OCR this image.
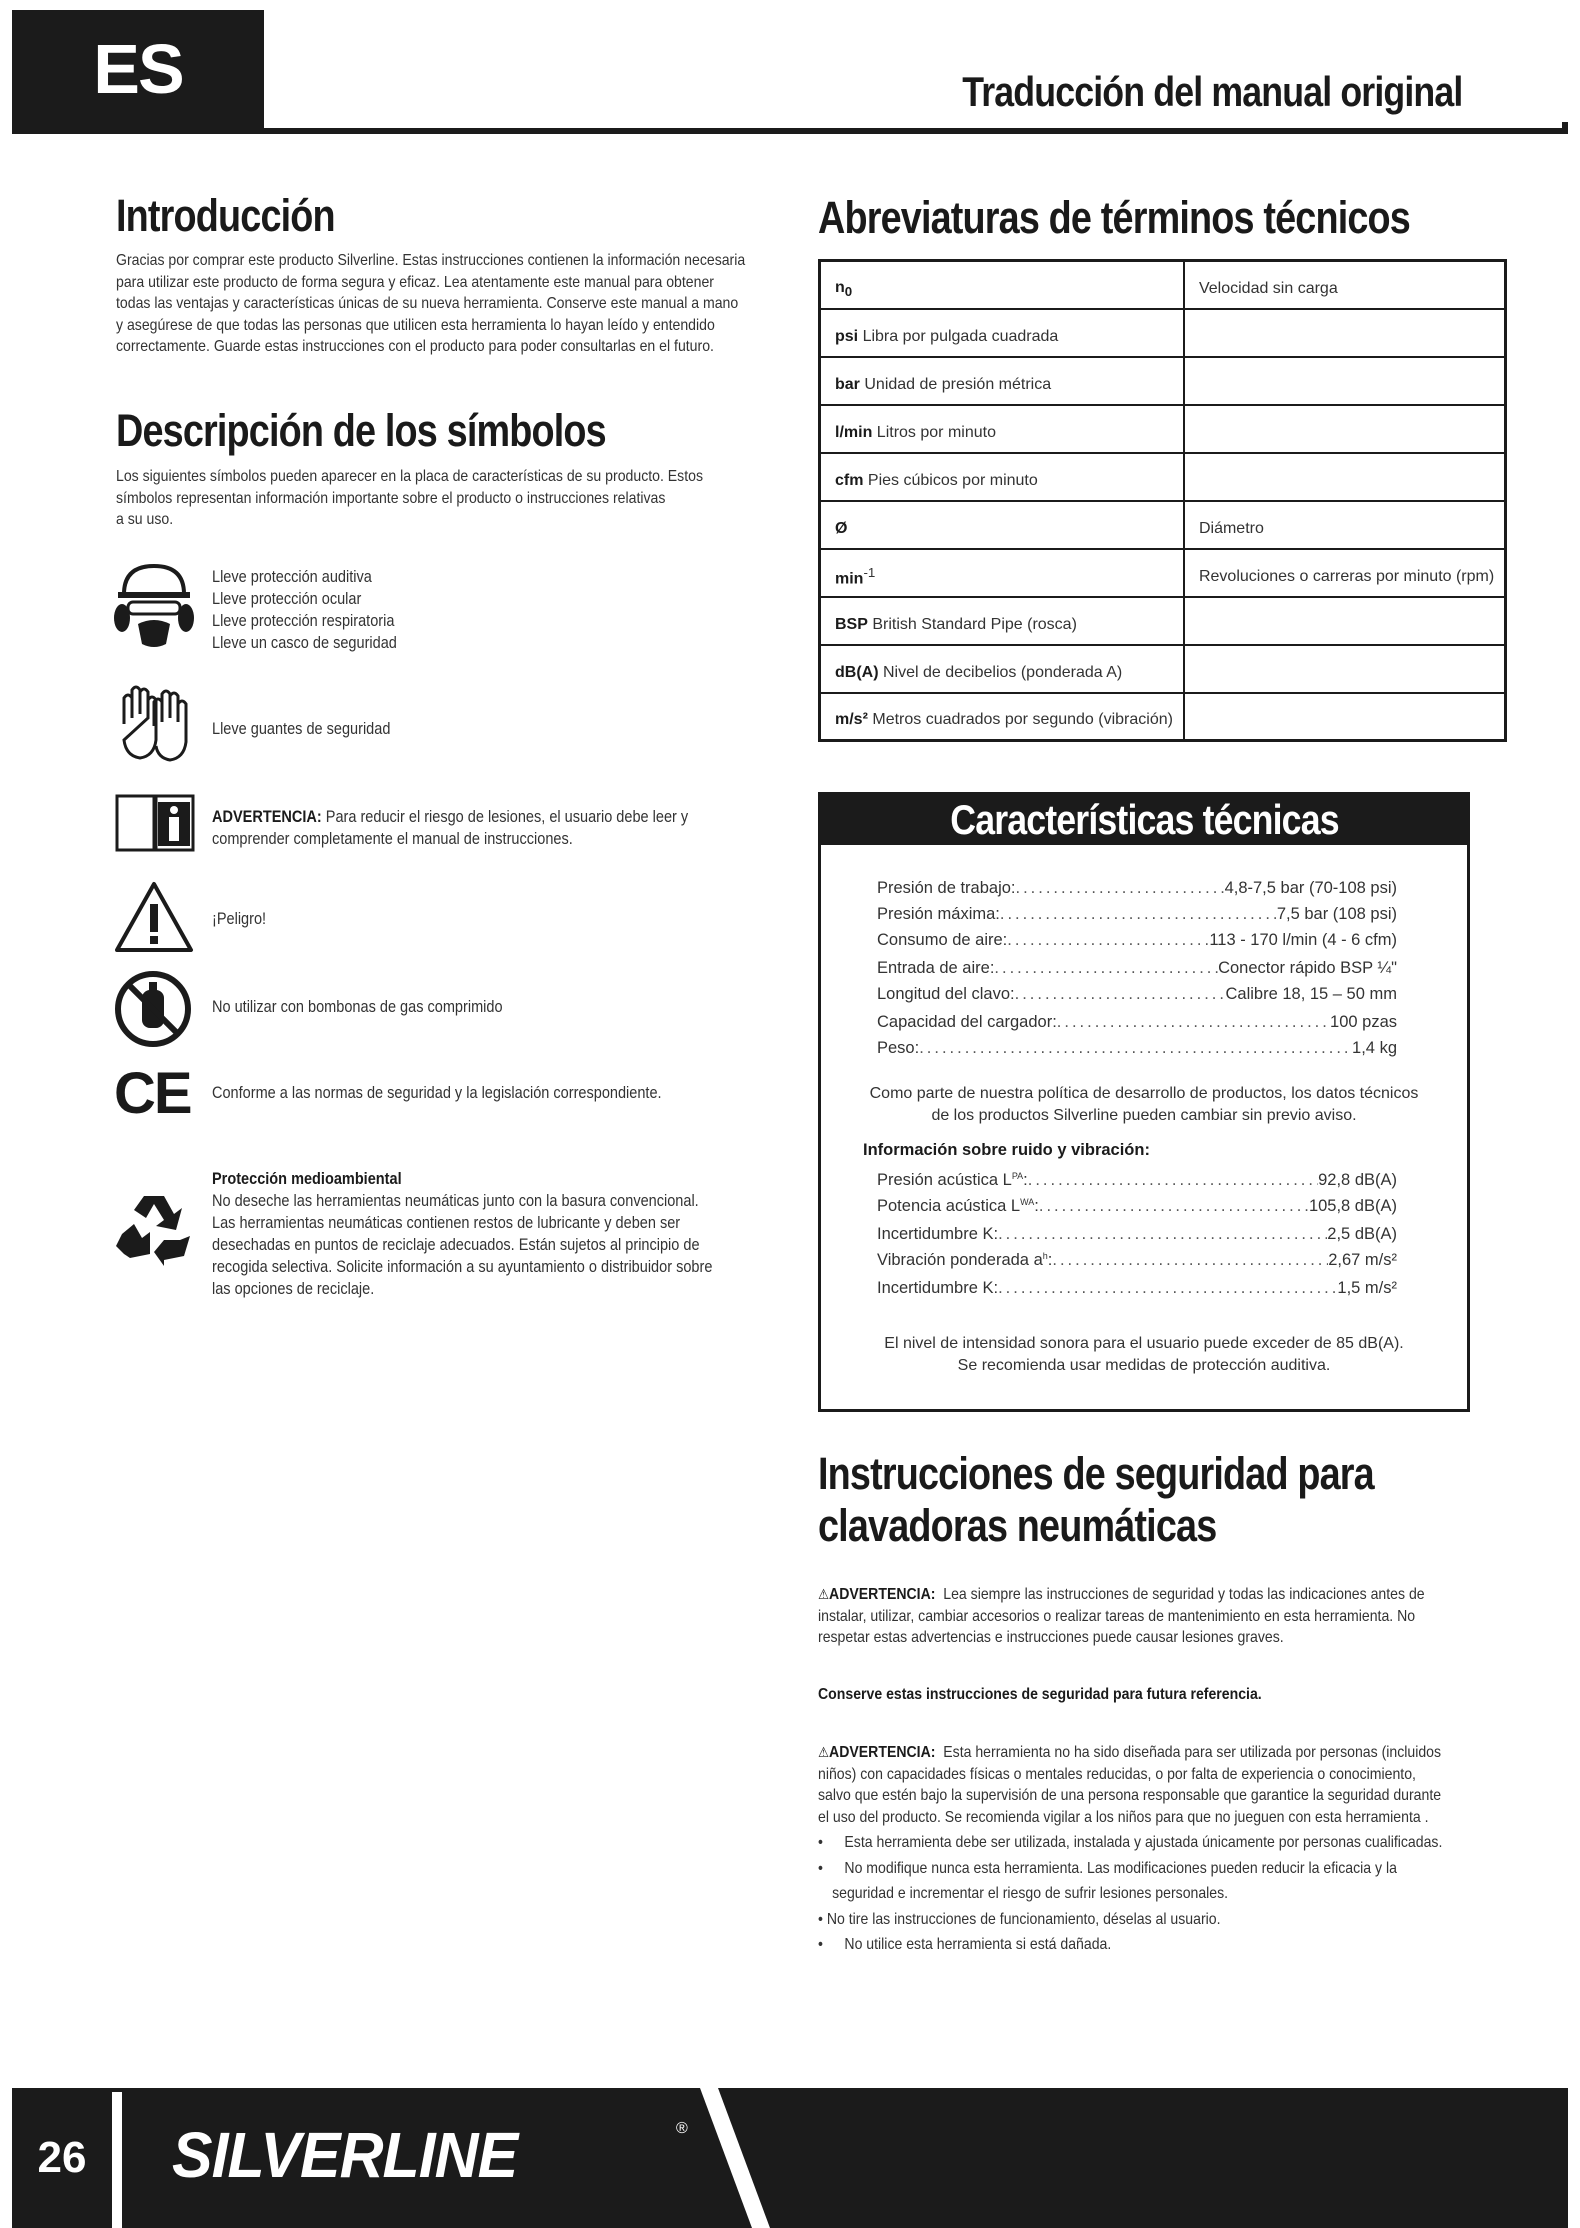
ES	Traducción del manual original
Introducción
Gracias por comprar este producto Silverline. Estas instrucciones contienen la información necesaria
para utilizar este producto de forma segura y eficaz. Lea atentamente este manual para obtener
todas las ventajas y características únicas de su nueva herramienta. Conserve este manual a mano
y asegúrese de que todas las personas que utilicen esta herramienta lo hayan leído y entendido
correctamente. Guarde estas instrucciones con el producto para poder consultarlas en el futuro.
Descripción de los símbolos
Los siguientes símbolos pueden aparecer en la placa de características de su producto. Estos
símbolos representan información importante sobre el producto o instrucciones relativas
a su uso.
Lleve protección auditiva
Lleve protección ocular
Lleve protección respiratoria
Lleve un casco de seguridad
Lleve guantes de seguridad
ADVERTENCIA: Para reducir el riesgo de lesiones, el usuario debe leer y
comprender completamente el manual de instrucciones.
¡Peligro!
No utilizar con bombonas de gas comprimido
CE Conforme a las normas de seguridad y la legislación correspondiente.
Protección medioambiental
No deseche las herramientas neumáticas junto con la basura convencional.
Las herramientas neumáticas contienen restos de lubricante y deben ser
desechadas en puntos de reciclaje adecuados. Están sujetos al principio de
recogida selectiva. Solicite información a su ayuntamiento o distribuidor sobre
las opciones de reciclaje.
Abreviaturas de términos técnicos
$n_0$	Velocidad sin carga
psi Libra por pulgada cuadrada	
bar Unidad de presión métrica	
l/min Litros por minuto	
cfm Pies cúbicos por minuto	
Ø	Diámetro
$\min^{-1}$	Revoluciones o carreras por minuto (rpm)
BSP British Standard Pipe (rosca)	
dB(A) Nivel de decibelios (ponderada A)	
m/s² Metros cuadrados por segundo (vibración)	
Características técnicas
Presión de trabajo: .....	4,8-7,5 bar (70-108 psi)
Presión máxima: .....	7,5 bar (108 psi)
Consumo de aire: .....	113 - 170 l/min (4 - 6 cfm)
Entrada de aire: .....	Conector rápido BSP ¼"
Longitud del clavo: .....	Calibre 18, 15 – 50 mm
Capacidad del cargador: .....	100 pzas
Peso: .....	1,4 kg
Como parte de nuestra política de desarrollo de productos, los datos técnicos
de los productos Silverline pueden cambiar sin previo aviso.
Información sobre ruido y vibración:
Presión acústica L PA : .....	92,8 dB(A)
Potencia acústica L WA : .....	105,8 dB(A)
Incertidumbre K: .....	2,5 dB(A)
Vibración ponderada a h : .....	2,67 m/s²
Incertidumbre K: .....	1,5 m/s²
El nivel de intensidad sonora para el usuario puede exceder de 85 dB(A).
Se recomienda usar medidas de protección auditiva.
Instrucciones de seguridad para
clavadoras neumáticas
⚠ADVERTENCIA: Lea siempre las instrucciones de seguridad y todas las indicaciones antes de
instalar, utilizar, cambiar accesorios o realizar tareas de mantenimiento en esta herramienta. No
respetar estas advertencias e instrucciones puede causar lesiones graves.
Conserve estas instrucciones de seguridad para futura referencia.
⚠ADVERTENCIA: Esta herramienta no ha sido diseñada para ser utilizada por personas (incluidos
niños) con capacidades físicas o mentales reducidas, o por falta de experiencia o conocimiento,
salvo que estén bajo la supervisión de una persona responsable que garantice la seguridad durante
el uso del producto. Se recomienda vigilar a los niños para que no jueguen con esta herramienta .
• Esta herramienta debe ser utilizada, instalada y ajustada únicamente por personas cualificadas.
• No modifique nunca esta herramienta. Las modificaciones pueden reducir la eficacia y la
seguridad e incrementar el riesgo de sufrir lesiones personales.
• No tire las instrucciones de funcionamiento, déselas al usuario.
• No utilice esta herramienta si está dañada.
26	SILVERLINE	®
